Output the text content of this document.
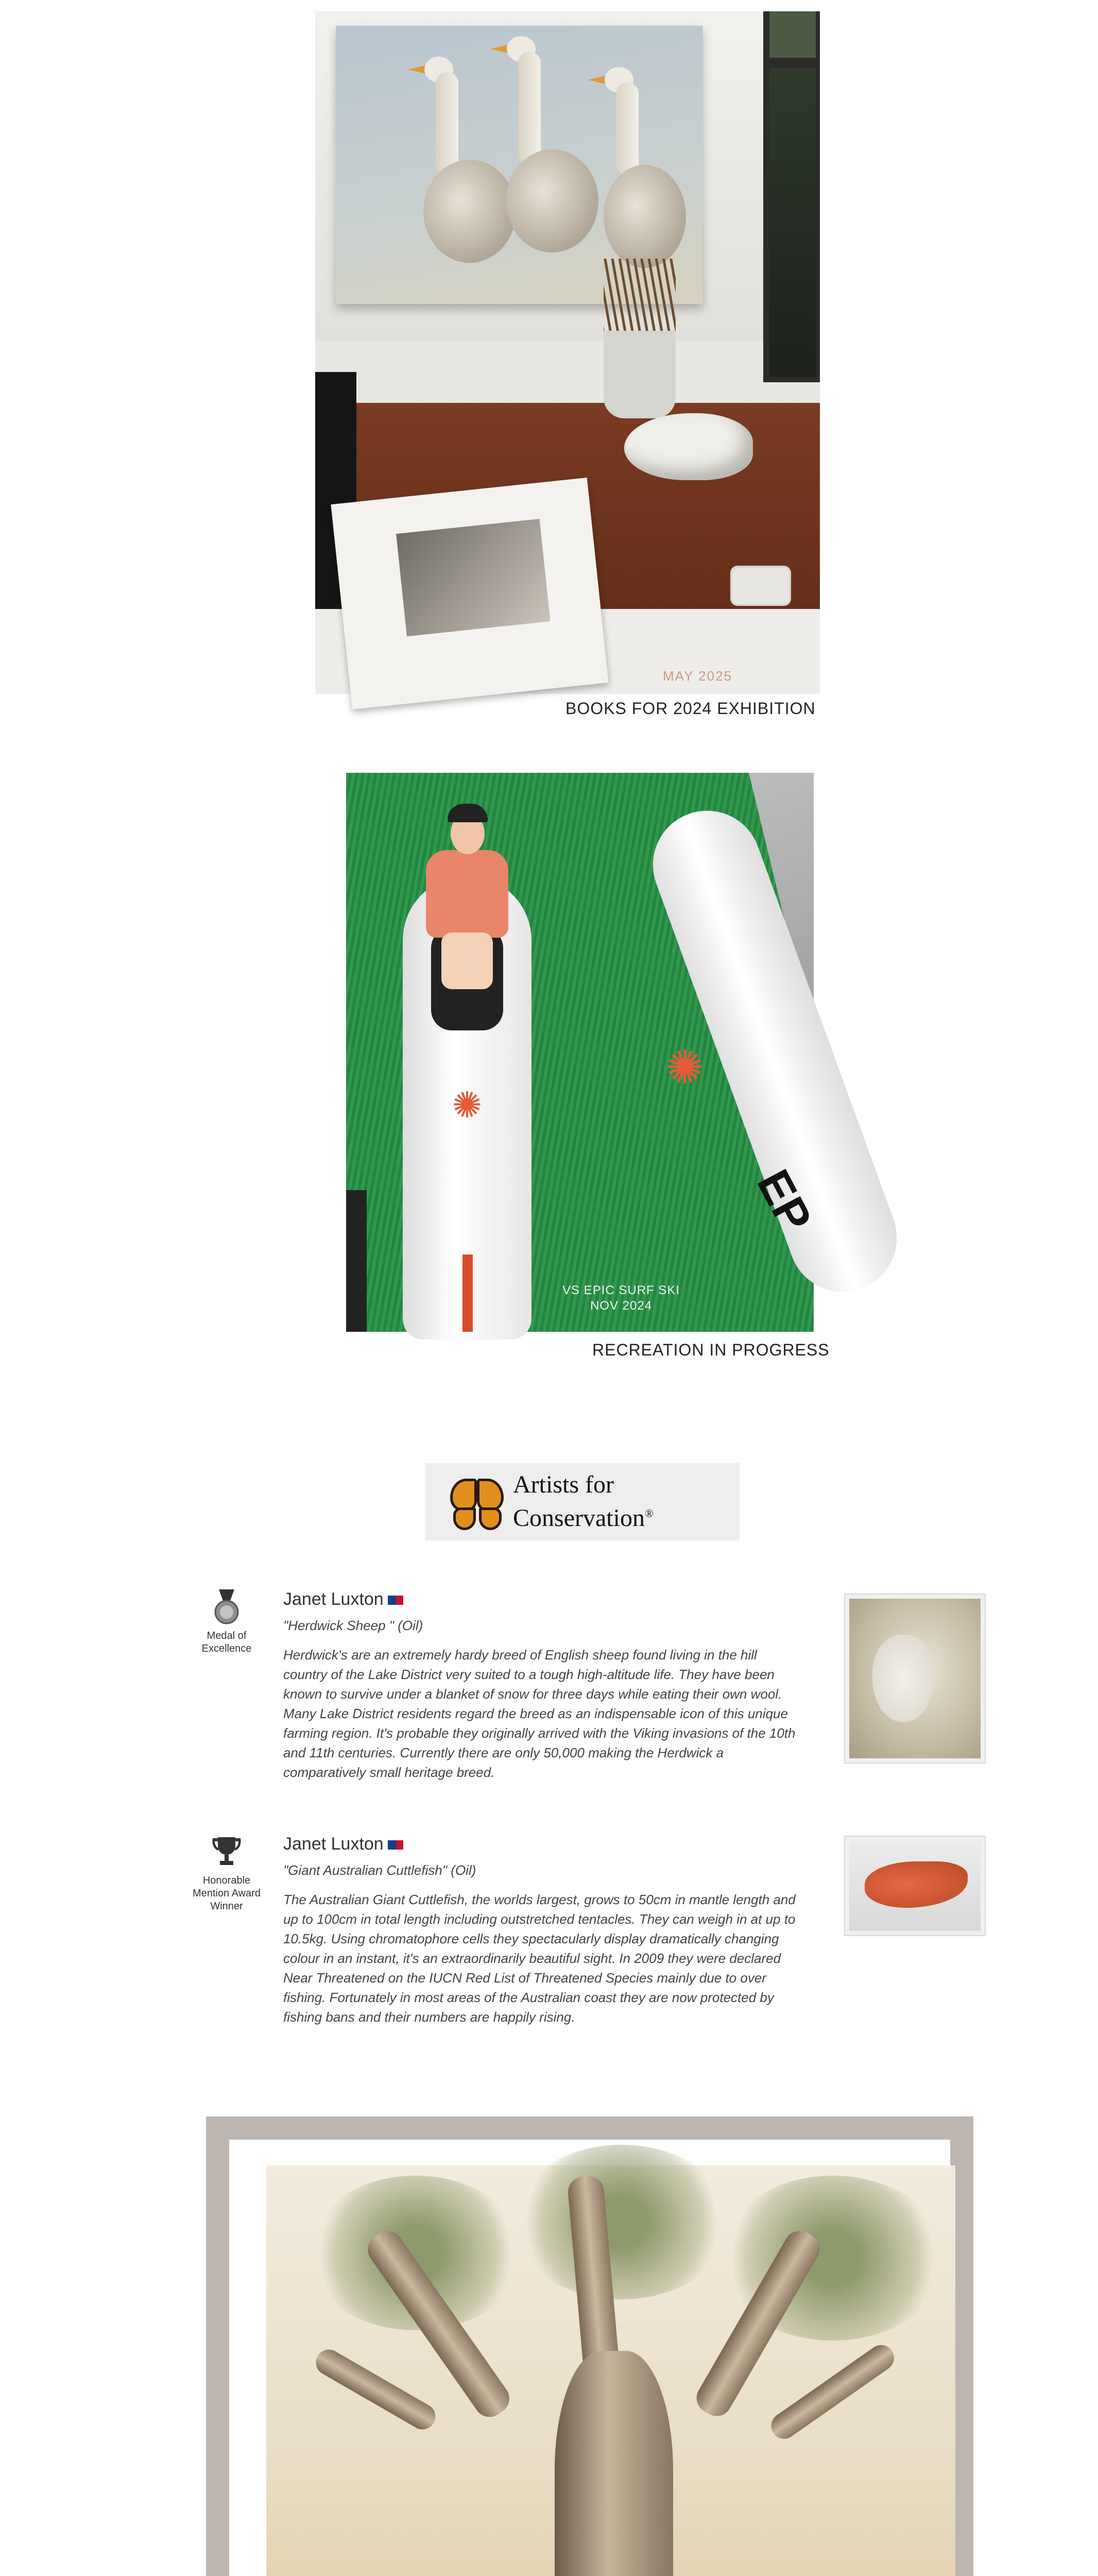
MAY 2025
BOOKS FOR 2024 EXHIBITION
✺
✺
EP
VS EPIC SURF SKI
NOV 2024
RECREATION IN PROGRESS
Artists for
Conservation®
Medal of Excellence
Janet Luxton
"Herdwick Sheep " (Oil)
Herdwick's are an extremely hardy breed of English sheep found living in the hill country of the Lake District very suited to a tough high-altitude life. They have been known to survive under a blanket of snow for three days while eating their own wool. Many Lake District residents regard the breed as an indispensable icon of this unique farming region. It's probable they originally arrived with the Viking invasions of the 10th and 11th centuries. Currently there are only 50,000 making the Herdwick a comparatively small heritage breed.
Honorable Mention Award Winner
Janet Luxton
"Giant Australian Cuttlefish" (Oil)
The Australian Giant Cuttlefish, the worlds largest, grows to 50cm in mantle length and up to 100cm in total length including outstretched tentacles. They can weigh in at up to 10.5kg. Using chromatophore cells they spectacularly display dramatically changing colour in an instant, it's an extraordinarily beautiful sight. In 2009 they were declared Near Threatened on the IUCN Red List of Threatened Species mainly due to over fishing. Fortunately in most areas of the Australian coast they are now protected by fishing bans and their numbers are happily rising.
